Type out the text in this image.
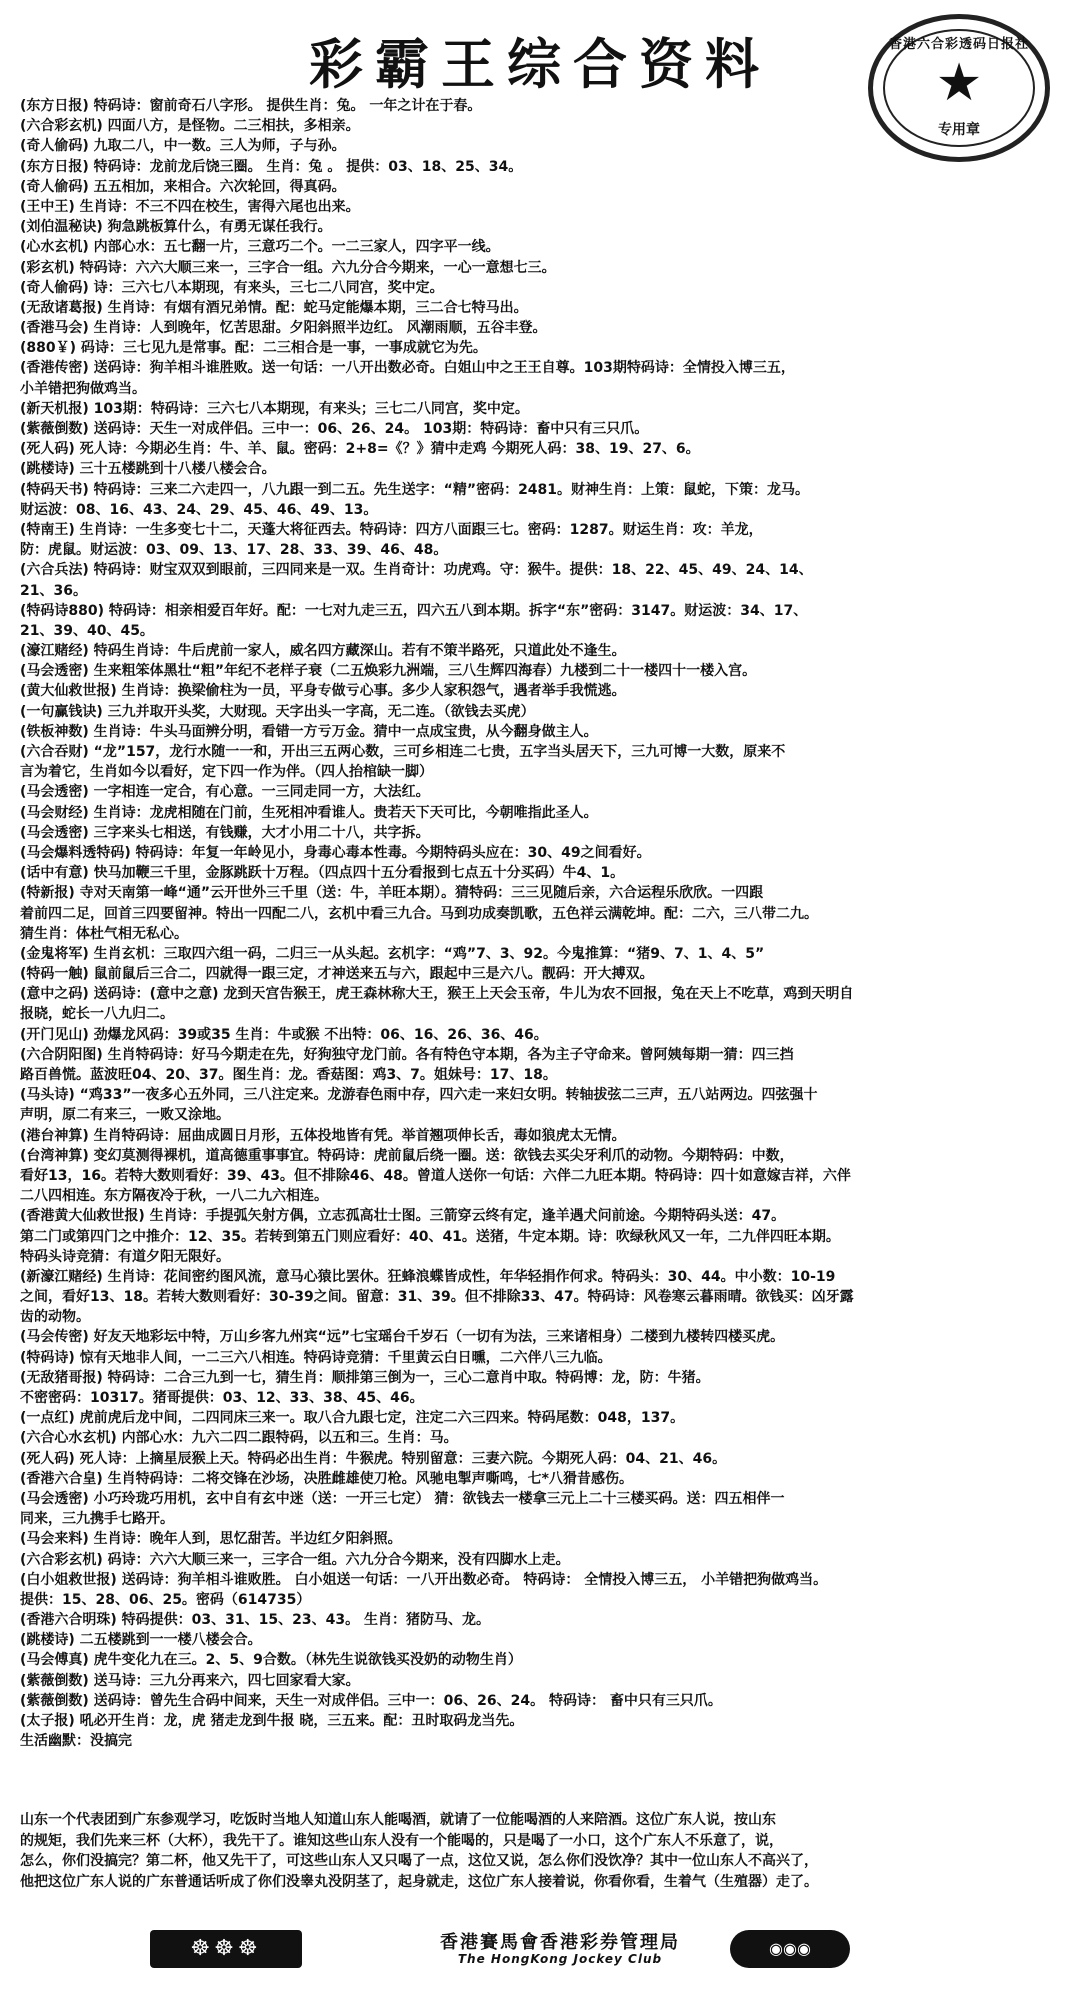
彩霸王综合资料	香港六合彩透码日报社
★
专用章
(东方日报) 特码诗：窗前奇石八字形。 提供生肖：兔。 一年之计在于春。
(六合彩玄机) 四面八方，是怪物。二三相扶，多相亲。
(奇人偷码) 九取二八，中一数。三人为师，子与孙。
(东方日报) 特码诗：龙前龙后饶三圈。 生肖：兔 。 提供：03、18、25、34。
(奇人偷码) 五五相加，来相合。六次轮回，得真码。
(王中王) 生肖诗：不三不四在校生，害得六尾也出来。
(刘伯温秘诀) 狗急跳板算什么，有勇无谋任我行。
(心水玄机) 内部心水：五七翻一片，三意巧二个。一二三家人，四字平一线。
(彩玄机) 特码诗：六六大顺三来一，三字合一组。六九分合今期来，一心一意想七三。
(奇人偷码) 诗：三六七八本期现，有来头，三七二八同宫，奖中定。
(无敌诸葛报) 生肖诗：有烟有酒兄弟情。配：蛇马定能爆本期，三二合七特马出。
(香港马会) 生肖诗：人到晚年，忆苦思甜。夕阳斜照半边红。 风潮雨顺，五谷丰登。
(880￥) 码诗：三七见九是常事。配：二三相合是一事，一事成就它为先。
(香港传密) 送码诗：狗羊相斗谁胜败。送一句话：一八开出数必奇。白姐山中之王王自尊。103期特码诗：全情投入博三五，
小羊错把狗做鸡当。
(新天机报) 103期：特码诗：三六七八本期现，有来头；三七二八同宫，奖中定。
(紫薇倒数) 送码诗：天生一对成伴侣。三中一：06、26、24。 103期：特码诗：畜中只有三只爪。
(死人码) 死人诗：今期必生肖：牛、羊、鼠。密码：2+8=《？》猜中走鸡 今期死人码：38、19、27、6。
(跳楼诗) 三十五楼跳到十八楼八楼会合。
(特码天书) 特码诗：三来二六走四一，八九跟一到二五。先生送字：“精”密码：2481。财神生肖：上策：鼠蛇，下策：龙马。
财运波：08、16、43、24、29、45、46、49、13。
(特南王) 生肖诗：一生多变七十二，天蓬大将征西去。特码诗：四方八面跟三七。密码：1287。财运生肖：攻：羊龙，
防：虎鼠。财运波：03、09、13、17、28、33、39、46、48。
(六合兵法) 特码诗：财宝双双到眼前，三四同来是一双。生肖奇计：功虎鸡。守：猴牛。提供：18、22、45、49、24、14、
21、36。
(特码诗880) 特码诗：相亲相爱百年好。配：一七对九走三五，四六五八到本期。拆字“东”密码：3147。财运波：34、17、
21、39、40、45。
(濠江赌经) 特码生肖诗：牛后虎前一家人，威名四方藏深山。若有不策半路死，只道此处不逢生。
(马会透密) 生来粗笨体黑壮“粗”年纪不老样子衰（二五焕彩九洲端，三八生辉四海春）九楼到二十一楼四十一楼入宫。
(黄大仙救世报) 生肖诗：换梁偷柱为一员，平身专做亏心事。多少人家积怨气，遇者举手我慌逃。
(一句赢钱诀) 三九并取开头奖，大财现。天字出头一字高，无二连。（欲钱去买虎）
(铁板神数) 生肖诗：牛头马面辨分明，看错一方亏万金。猜中一点成宝贵，从今翻身做主人。
(六合吞财) “龙”157，龙行水随一一和，开出三五两心数，三可乡相连二七贵，五字当头居天下，三九可博一大数，原来不
言为着它，生肖如今以看好，定下四一作为伴。（四人抬棺缺一脚）
(马会透密) 一字相连一定合，有心意。一三同走同一方，大法红。
(马会财经) 生肖诗：龙虎相随在门前，生死相冲看谁人。贵若天下天可比，今朝唯指此圣人。
(马会透密) 三字来头七相送，有钱赚，大才小用二十八，共字拆。
(马会爆料透特码) 特码诗：年复一年岭见小，身毒心毒本性毒。今期特码头应在：30、49之间看好。
(话中有意) 快马加鞭三千里，金豚跳跃十万程。（四点四十五分看报到七点五十分买码）牛4、1。
(特新报) 寺对天南第一峰“通”云开世外三千里（送：牛，羊旺本期）。猜特码：三三见随后亲，六合运程乐欣欣。一四跟
着前四二足，回首三四要留神。特出一四配二八，玄机中看三九合。马到功成奏凯歌，五色祥云满乾坤。配：二六，三八带二九。
猜生肖：体杜气相无私心。
(金鬼将军) 生肖玄机：三取四六组一码，二归三一从头起。玄机字：“鸡”7、3、92。今鬼推算：“猪9、7、1、4、5”
(特码一触) 鼠前鼠后三合二，四就得一跟三定，才神送来五与六，跟起中三是六八。靓码：开大搏双。
(意中之码) 送码诗：(意中之意) 龙到天宫告猴王，虎王森林称大王，猴王上天会玉帝，牛儿为农不回报，兔在天上不吃草，鸡到天明自
报晓，蛇长一八九归二。
(开门见山) 劲爆龙风码：39或35 生肖：牛或猴 不出特：06、16、26、36、46。
(六合阴阳图) 生肖特码诗：好马今期走在先，好狗独守龙门前。各有特色守本期，各为主子守命来。曾阿姨每期一猜：四三挡
路百兽慌。蓝波旺04、20、37。图生肖：龙。香菇图：鸡3、7。姐妹号：17、18。
(马头诗) “鸡33”一夜多心五外同，三八注定来。龙游春色雨中存，四六走一来妇女明。转轴拔弦二三声，五八站两边。四弦强十
声明，原二有来三，一败又涂地。
(港台神算) 生肖特码诗：屈曲成圆日月形，五体投地皆有凭。举首翘项伸长舌，毒如狼虎太无情。
(台湾神算) 变幻莫测得裸机，道高德重事事宜。特码诗：虎前鼠后绕一圈。送：欲钱去买尖牙利爪的动物。今期特码：中数，
看好13，16。若特大数则看好：39、43。但不排除46、48。曾道人送你一句话：六伴二九旺本期。特码诗：四十如意嫁吉祥，六伴
二八四相连。东方隔夜冷于秋，一八二九六相连。
(香港黄大仙救世报) 生肖诗：手提弧矢射方偶，立志孤高壮士图。三箭穿云终有定，逢羊遇犬问前途。今期特码头送：47。
第二门或第四门之中推介：12、35。若转到第五门则应看好：40、41。送猪，牛定本期。诗：吹绿秋风又一年，二九伴四旺本期。
特码头诗竞猜：有道夕阳无限好。
(新濠江赌经) 生肖诗：花间密约图风流，意马心猿比罢休。狂蜂浪蝶皆成性，年华轻捐作何求。特码头：30、44。中小数：10-19
之间，看好13、18。若转大数则看好：30-39之间。留意：31、39。但不排除33、47。特码诗：风卷寒云暮雨晴。欲钱买：凶牙露
齿的动物。
(马会传密) 好友天地彩坛中特，万山乡客九州宾“远”七宝瑶台千岁石（一切有为法，三来诸相身）二楼到九楼转四楼买虎。
(特码诗) 惊有天地非人间，一二三六八相连。特码诗竞猜：千里黄云白日曛，二六伴八三九临。
(无敌猪哥报) 特码诗：二合三九到一七，猜生肖：顺排第三倒为一，三心二意肖中取。特码博：龙，防：牛猪。
不密密码：10317。猪哥提供：03、12、33、38、45、46。
(一点红) 虎前虎后龙中间，二四同床三来一。取八合九跟七定，注定二六三四来。特码尾数：048，137。
(六合心水玄机) 内部心水：九六二四二跟特码，以五和三。生肖：马。
(死人码) 死人诗：上摘星辰猴上天。特码必出生肖：牛猴虎。特别留意：三妻六院。今期死人码：04、21、46。
(香港六合皇) 生肖特码诗：二将交锋在沙场，决胜雌雄使刀枪。风驰电掣声嘶鸣，七*八猾昔感伤。
(马会透密) 小巧玲珑巧用机，玄中自有玄中迷（送：一开三七定） 猜：欲钱去一楼拿三元上二十三楼买码。送：四五相伴一
同来，三九携手七路开。
(马会来料) 生肖诗：晚年人到，思忆甜苦。半边红夕阳斜照。
(六合彩玄机) 码诗：六六大顺三来一，三字合一组。六九分合今期来，没有四脚水上走。
(白小姐救世报) 送码诗：狗羊相斗谁败胜。 白小姐送一句话：一八开出数必奇。 特码诗： 全情投入博三五， 小羊错把狗做鸡当。
提供：15、28、06、25。密码（614735）
(香港六合明珠) 特码提供：03、31、15、23、43。 生肖：猪防马、龙。
(跳楼诗) 二五楼跳到一一楼八楼会合。
(马会傅真) 虎牛变化九在三。2、5、9合数。（林先生说欲钱买没奶的动物生肖）
(紫薇倒数) 送马诗：三九分再来六，四七回家看大家。
(紫薇倒数) 送码诗：曾先生合码中间来，天生一对成伴侣。三中一：06、26、24。 特码诗： 畜中只有三只爪。
(太子报) 吼必开生肖：龙，虎 猪走龙到牛报 晓，三五来。配：丑时取码龙当先。
生活幽默：没搞完
山东一个代表团到广东参观学习，吃饭时当地人知道山东人能喝酒，就请了一位能喝酒的人来陪酒。这位广东人说，按山东
的规矩，我们先来三杯（大杯），我先干了。谁知这些山东人没有一个能喝的，只是喝了一小口，这个广东人不乐意了，说，
怎么，你们没搞完？第二杯，他又先干了，可这些山东人又只喝了一点，这位又说，怎么你们没饮净？其中一位山东人不高兴了，
他把这位广东人说的广东普通话听成了你们没睾丸没阴茎了，起身就走，这位广东人接着说，你看你看，生着气（生殖器）走了。
☸☸☸	香港賽馬會香港彩券管理局
The HongKong Jockey Club
◉◉◉
